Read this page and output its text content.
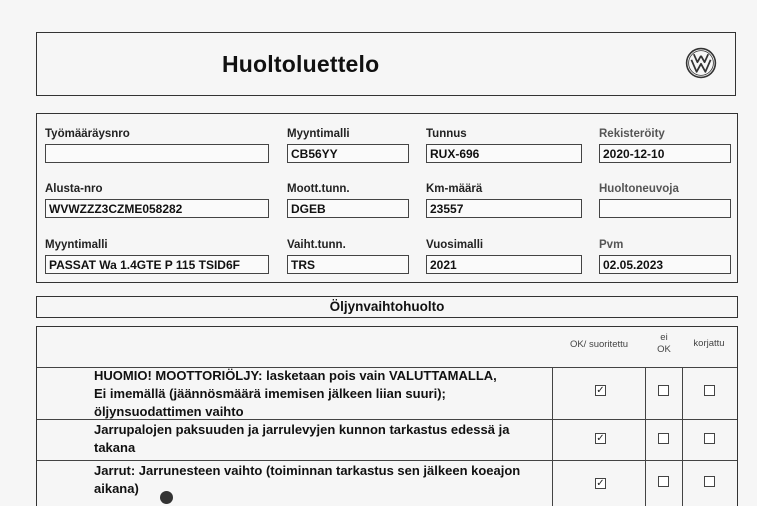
Huoltoluettelo
Työmääräysnro	Myyntimalli
CB56YY
Tunnus
RUX-696
Rekisteröity
2020-12-10
Alusta-nro
WVWZZZ3CZME058282
Moott.tunn.
DGEB
Km-määrä
23557
Huoltoneuvoja
Myyntimalli
PASSAT Wa 1.4GTE P 115 TSID6F
Vaiht.tunn.
TRS
Vuosimalli
2021
Pvm
02.05.2023
Öljynvaihtohuolto
OK/ suoritettu
ei
OK
korjattu
HUOMIO! MOOTTORIÖLJY: lasketaan pois vain VALUTTAMALLA,
Ei imemällä (jäännösmäärä imemisen jälkeen liian suuri);
öljynsuodattimen vaihto
✓
Jarrupalojen paksuuden ja jarrulevyjen kunnon tarkastus edessä ja
takana
✓
Jarrut: Jarrunesteen vaihto (toiminnan tarkastus sen jälkeen koeajon
aikana)	✓
